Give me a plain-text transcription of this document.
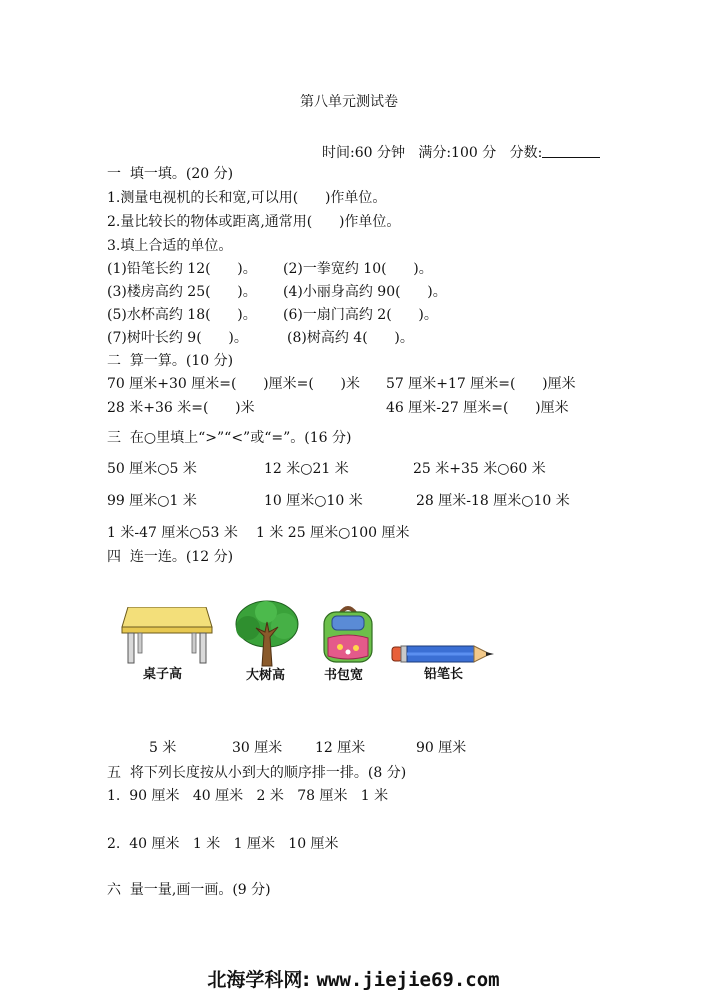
第八单元测试卷
时间:60 分钟   满分:100 分   分数:
一  填一填。(20 分)
1.测量电视机的长和宽,可以用(      )作单位。
2.量比较长的物体或距离,通常用(      )作单位。
3.填上合适的单位。
(1)铅笔长约 12(      )。 (2)一拳宽约 10(      )。
(3)楼房高约 25(      )。 (4)小丽身高约 90(      )。
(5)水杯高约 18(      )。 (6)一扇门高约 2(      )。
(7)树叶长约 9(      )。	(8)树高约 4(      )。
二  算一算。(10 分)
70 厘米+30 厘米=(      )厘米=(      )米 57 厘米+17 厘米=(      )厘米
28 米+36 米=(      )米	46 厘米-27 厘米=(      )厘米
三  在○里填上“>”“<”或“=”。(16 分)
50 厘米○5 米	12 米○21 米	25 米+35 米○60 米
99 厘米○1 米	10 厘米○10 米	28 厘米-18 厘米○10 米
1 米-47 厘米○53 米 1 米 25 厘米○100 厘米
四  连一连。(12 分)
桌子高	大树高	书包宽	铅笔长
5 米	30 厘米 12 厘米	90 厘米
五  将下列长度按从小到大的顺序排一排。(8 分)
1.  90 厘米   40 厘米   2 米   78 厘米   1 米
2.  40 厘米   1 米   1 厘米   10 厘米
六  量一量,画一画。(9 分)
北海学科网: www.jiejie69.com
